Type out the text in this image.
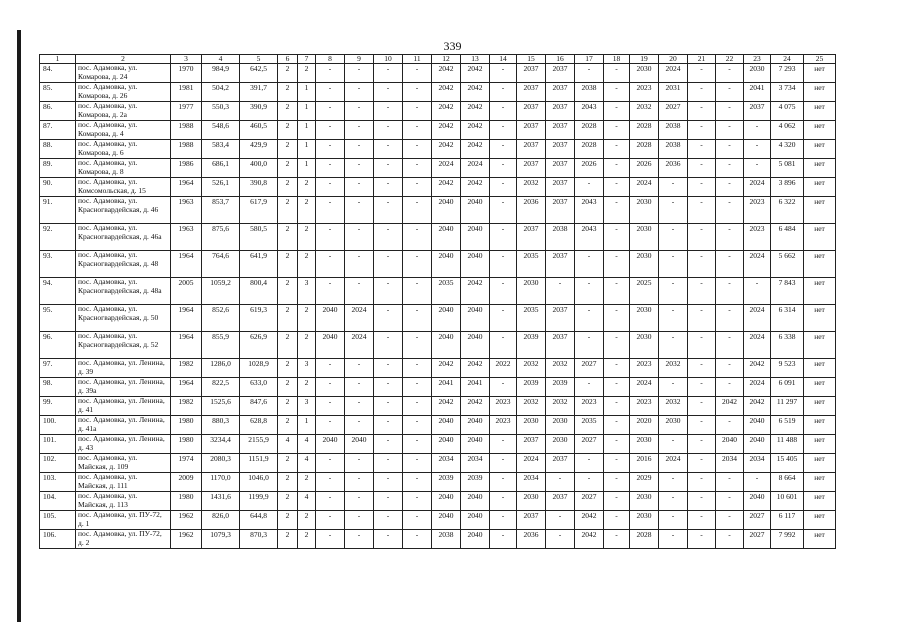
339
1	2	3	4	5	6	7	8	9	10	11	12	13	14	15	16	17	18	19	20	21	22	23	24	25
84.	пос. Адамовка, ул. Комарова, д. 24	1970	984,9	642,5	2	2	-	-	-	-	2042	2042	-	2037	2037	-	-	2030	2024	-	-	2030	7 293	нет
85.	пос. Адамовка, ул. Комарова, д. 26	1981	504,2	391,7	2	1	-	-	-	-	2042	2042	-	2037	2037	2038	-	2023	2031	-	-	2041	3 734	нет
86.	пос. Адамовка, ул. Комарова, д. 2а	1977	550,3	390,9	2	1	-	-	-	-	2042	2042	-	2037	2037	2043	-	2032	2027	-	-	2037	4 075	нет
87.	пос. Адамовка, ул. Комарова, д. 4	1988	548,6	460,5	2	1	-	-	-	-	2042	2042	-	2037	2037	2028	-	2028	2038	-	-	-	4 062	нет
88.	пос. Адамовка, ул. Комарова, д. 6	1988	583,4	429,9	2	1	-	-	-	-	2042	2042	-	2037	2037	2028	-	2028	2038	-	-	-	4 320	нет
89.	пос. Адамовка, ул. Комарова, д. 8	1986	686,1	400,0	2	1	-	-	-	-	2024	2024	-	2037	2037	2026	-	2026	2036	-	-	-	5 081	нет
90.	пос. Адамовка, ул. Комсомольская, д. 15	1964	526,1	390,8	2	2	-	-	-	-	2042	2042	-	2032	2037	-	-	2024	-	-	-	2024	3 896	нет
91.	пос. Адамовка, ул. Красногвардейская, д. 46	1963	853,7	617,9	2	2	-	-	-	-	2040	2040	-	2036	2037	2043	-	2030	-	-	-	2023	6 322	нет
92.	пос. Адамовка, ул. Красногвардейская, д. 46а	1963	875,6	580,5	2	2	-	-	-	-	2040	2040	-	2037	2038	2043	-	2030	-	-	-	2023	6 484	нет
93.	пос. Адамовка, ул. Красногвардейская, д. 48	1964	764,6	641,9	2	2	-	-	-	-	2040	2040	-	2035	2037	-	-	2030	-	-	-	2024	5 662	нет
94.	пос. Адамовка, ул. Красногвардейская, д. 48а	2005	1059,2	800,4	2	3	-	-	-	-	2035	2042	-	2030	-	-	-	2025	-	-	-	-	7 843	нет
95.	пос. Адамовка, ул. Красногвардейская, д. 50	1964	852,6	619,3	2	2	2040	2024	-	-	2040	2040	-	2035	2037	-	-	2030	-	-	-	2024	6 314	нет
96.	пос. Адамовка, ул. Красногвардейская, д. 52	1964	855,9	626,9	2	2	2040	2024	-	-	2040	2040	-	2039	2037	-	-	2030	-	-	-	2024	6 338	нет
97.	пос. Адамовка, ул. Ленина, д. 39	1982	1286,0	1028,9	2	3	-	-	-	-	2042	2042	2022	2032	2032	2027	-	2023	2032	-	-	2042	9 523	нет
98.	пос. Адамовка, ул. Ленина, д. 39а	1964	822,5	633,0	2	2	-	-	-	-	2041	2041	-	2039	2039	-	-	2024	-	-	-	2024	6 091	нет
99.	пос. Адамовка, ул. Ленина, д. 41	1982	1525,6	847,6	2	3	-	-	-	-	2042	2042	2023	2032	2032	2023	-	2023	2032	-	2042	2042	11 297	нет
100.	пос. Адамовка, ул. Ленина, д. 41а	1980	880,3	628,8	2	1	-	-	-	-	2040	2040	2023	2030	2030	2035	-	2020	2030	-	-	2040	6 519	нет
101.	пос. Адамовка, ул. Ленина, д. 43	1980	3234,4	2155,9	4	4	2040	2040	-	-	2040	2040	-	2037	2030	2027	-	2030	-	-	2040	2040	11 488	нет
102.	пос. Адамовка, ул. Майская, д. 109	1974	2080,3	1151,9	2	4	-	-	-	-	2034	2034	-	2024	2037	-	-	2016	2024	-	2034	2034	15 405	нет
103.	пос. Адамовка, ул. Майская, д. 111	2009	1170,0	1046,0	2	2	-	-	-	-	2039	2039	-	2034	-	-	-	2029	-	-	-	-	8 664	нет
104.	пос. Адамовка, ул. Майская, д. 113	1980	1431,6	1199,9	2	4	-	-	-	-	2040	2040	-	2030	2037	2027	-	2030	-	-	-	2040	10 601	нет
105.	пос. Адамовка, ул. ПУ-72, д. 1	1962	826,0	644,8	2	2	-	-	-	-	2040	2040	-	2037	-	2042	-	2030	-	-	-	2027	6 117	нет
106.	пос. Адамовка, ул. ПУ-72, д. 2	1962	1079,3	870,3	2	2	-	-	-	-	2038	2040	-	2036	-	2042	-	2028	-	-	-	2027	7 992	нет
